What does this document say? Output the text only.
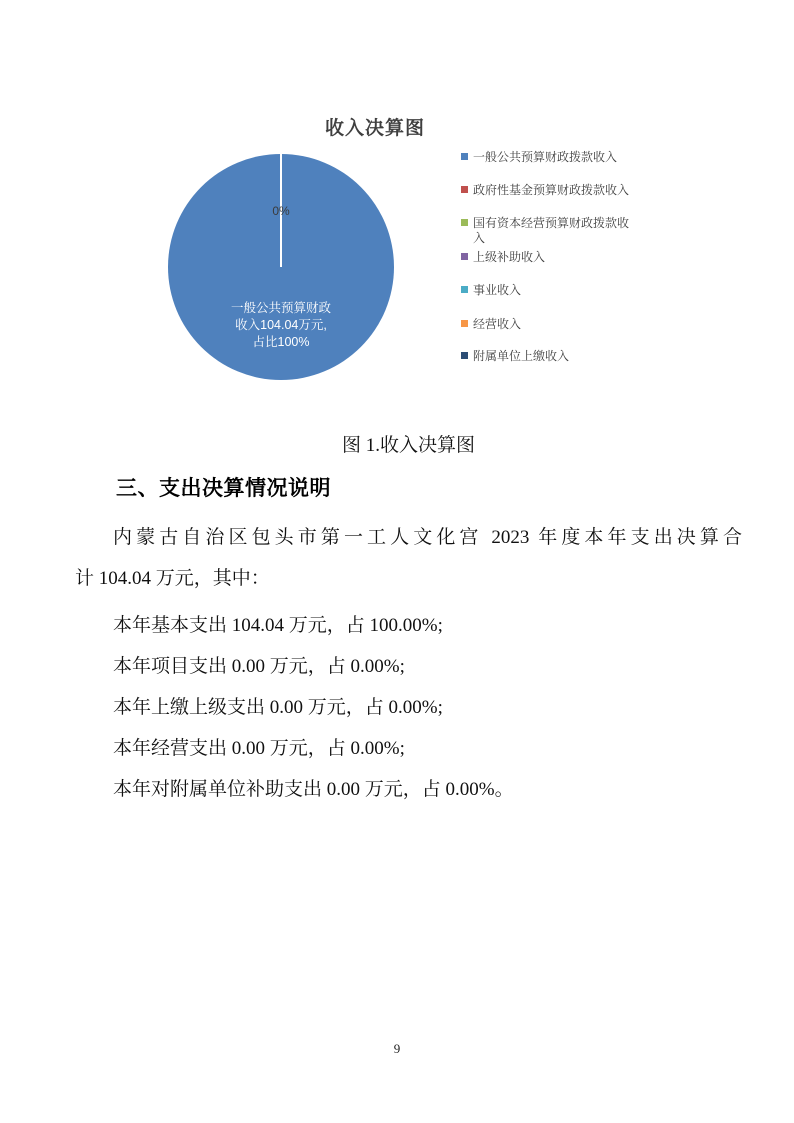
收入决算图
0%
一般公共预算财政
收入104.04万元,
占比100%
一般公共预算财政拨款收入
政府性基金预算财政拨款收入
国有资本经营预算财政拨款收入
上级补助收入
事业收入
经营收入
附属单位上缴收入
图 1.收入决算图
三、支出决算情况说明

内蒙古自治区包头市第一工人文化宫 2023 年度本年支出决算合
计 104.04 万元，其中：

本年基本支出 104.04 万元，占 100.00%;

本年项目支出 0.00 万元，占 0.00%;

本年上缴上级支出 0.00 万元，占 0.00%;

本年经营支出 0.00 万元，占 0.00%;

本年对附属单位补助支出 0.00 万元，占 0.00%。

9
